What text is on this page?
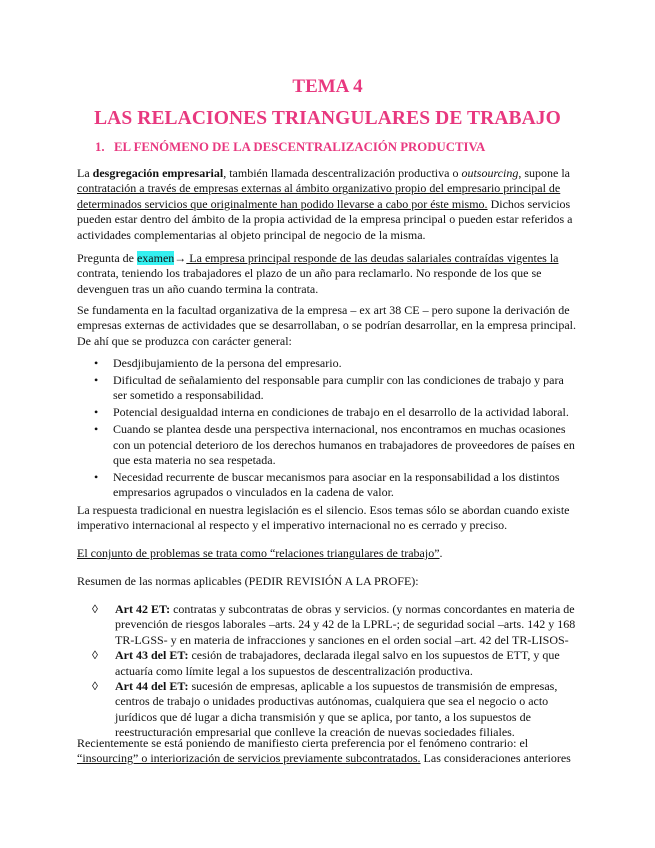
TEMA 4
LAS RELACIONES TRIANGULARES DE TRABAJO
1. EL FENÓMENO DE LA DESCENTRALIZACIÓN PRODUCTIVA

La desgregación empresarial, también llamada descentralización productiva o outsourcing, supone la contratación a través de empresas externas al ámbito organizativo propio del empresario principal de determinados servicios que originalmente han podido llevarse a cabo por éste mismo. Dichos servicios pueden estar dentro del ámbito de la propia actividad de la empresa principal o pueden estar referidos a actividades complementarias al objeto principal de negocio de la misma.

Pregunta de examen→ La empresa principal responde de las deudas salariales contraídas vigentes la contrata, teniendo los trabajadores el plazo de un año para reclamarlo. No responde de los que se devenguen tras un año cuando termina la contrata.

Se fundamenta en la facultad organizativa de la empresa – ex art 38 CE – pero supone la derivación de empresas externas de actividades que se desarrollaban, o se podrían desarrollar, en la empresa principal. De ahí que se produzca con carácter general:

• Desdjibujamiento de la persona del empresario.
• Dificultad de señalamiento del responsable para cumplir con las condiciones de trabajo y para ser sometido a responsabilidad.
• Potencial desigualdad interna en condiciones de trabajo en el desarrollo de la actividad laboral.
• Cuando se plantea desde una perspectiva internacional, nos encontramos en muchas ocasiones con un potencial deterioro de los derechos humanos en trabajadores de proveedores de países en que esta materia no sea respetada.
• Necesidad recurrente de buscar mecanismos para asociar en la responsabilidad a los distintos empresarios agrupados o vinculados en la cadena de valor.

La respuesta tradicional en nuestra legislación es el silencio. Esos temas sólo se abordan cuando existe imperativo internacional al respecto y el imperativo internacional no es cerrado y preciso.

El conjunto de problemas se trata como “relaciones triangulares de trabajo”.

Resumen de las normas aplicables (PEDIR REVISIÓN A LA PROFE):

◊ Art 42 ET: contratas y subcontratas de obras y servicios. (y normas concordantes en materia de prevención de riesgos laborales –arts. 24 y 42 de la LPRL-; de seguridad social –arts. 142 y 168 TR-LGSS- y en materia de infracciones y sanciones en el orden social –art. 42 del TR-LISOS-
◊ Art 43 del ET: cesión de trabajadores, declarada ilegal salvo en los supuestos de ETT, y que actuaría como límite legal a los supuestos de descentralización productiva.
◊ Art 44 del ET: sucesión de empresas, aplicable a los supuestos de transmisión de empresas, centros de trabajo o unidades productivas autónomas, cualquiera que sea el negocio o acto jurídicos que dé lugar a dicha transmisión y que se aplica, por tanto, a los supuestos de reestructuración empresarial que conlleve la creación de nuevas sociedades filiales.

Recientemente se está poniendo de manifiesto cierta preferencia por el fenómeno contrario: el “insourcing” o interiorización de servicios previamente subcontratados. Las consideraciones anteriores
